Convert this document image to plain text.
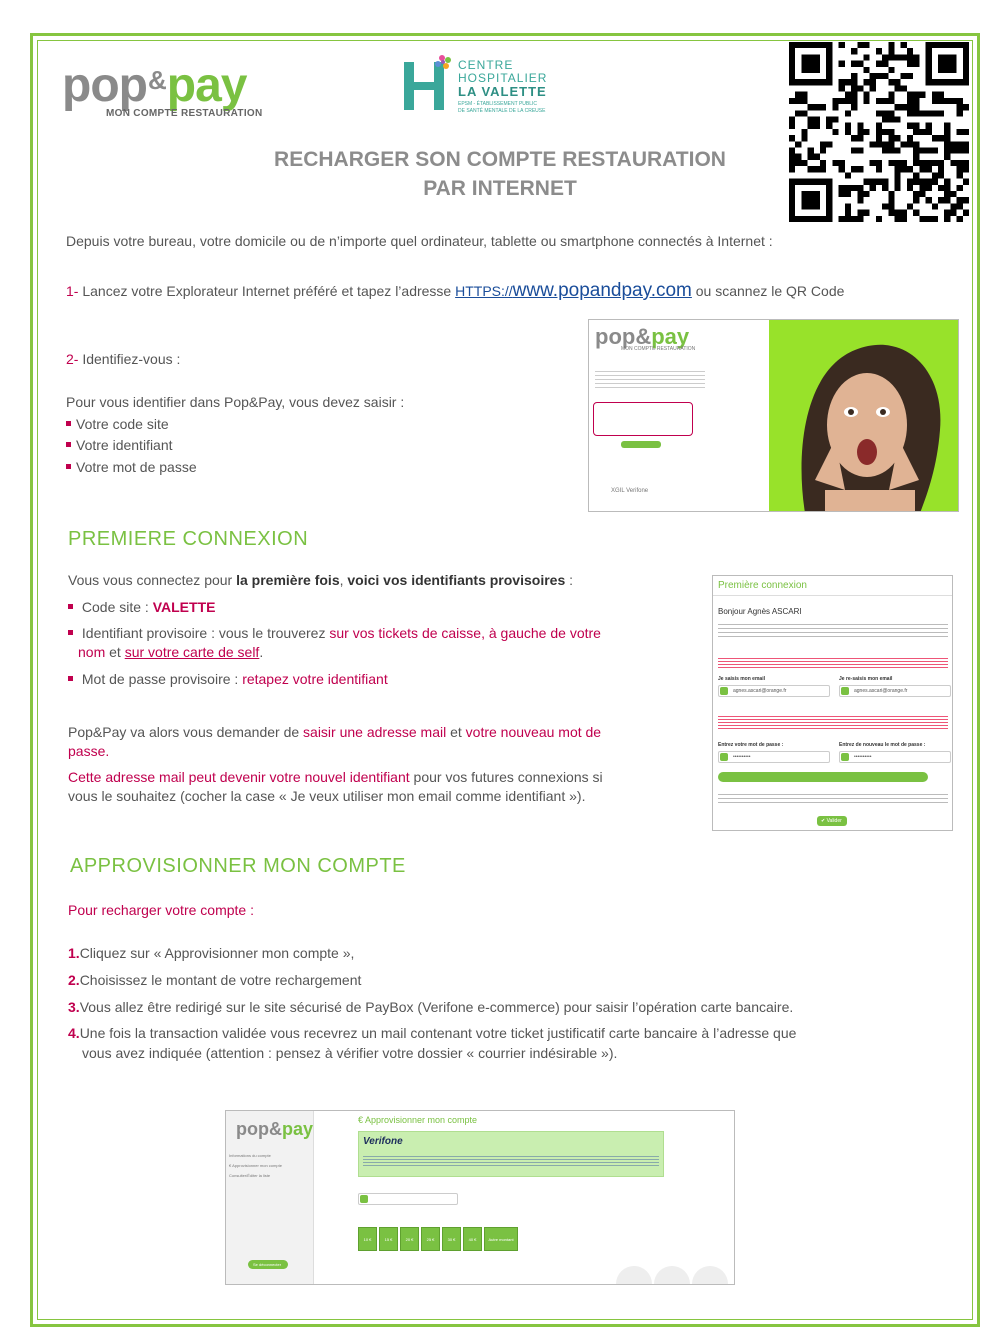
pop&pay
MON COMPTE RESTAURATION
CENTRE
HOSPITALIER
LA VALETTE
EPSM - ÉTABLISSEMENT PUBLIC
DE SANTÉ MENTALE DE LA CREUSE
RECHARGER SON COMPTE RESTAURATION
PAR INTERNET
Depuis votre bureau, votre domicile ou de n’importe quel ordinateur, tablette ou smartphone connectés à Internet :
1- Lancez votre Explorateur Internet préféré et tapez l’adresse HTTPS://www.popandpay.com ou scannez le QR Code
2- Identifiez-vous :
Pour vous identifier dans Pop&Pay, vous devez saisir :
Votre code site
Votre identifiant
Votre mot de passe
pop&pay
MON COMPTE RESTAURATION
XGIL Verifone
PREMIERE CONNEXION
Vous vous connectez pour la première fois, voici vos identifiants provisoires :
Code site : VALETTE
Identifiant provisoire : vous le trouverez sur vos tickets de caisse, à gauche de votre
nom et sur votre carte de self.
Mot de passe provisoire : retapez votre identifiant
Pop&Pay va alors vous demander de saisir une adresse mail et votre nouveau mot de
passe.
Cette adresse mail peut devenir votre nouvel identifiant pour vos futures connexions si
vous le souhaitez (cocher la case « Je veux utiliser mon email comme identifiant »).
Première connexion
Bonjour Agnès ASCARI
Je saisis mon email	Je re-saisis mon email
agnes.ascari@orange.fr	agnes.ascari@orange.fr
Entrez votre mot de passe :	Entrez de nouveau le mot de passe :
••••••••••	••••••••••
✔ Valider
APPROVISIONNER MON COMPTE
Pour recharger votre compte :
1.Cliquez sur « Approvisionner mon compte »,
2.Choisissez le montant de votre rechargement
3.Vous allez être redirigé sur le site sécurisé de PayBox (Verifone e-commerce) pour saisir l’opération carte bancaire.
4.Une fois la transaction validée vous recevrez un mail contenant votre ticket justificatif carte bancaire à l’adresse que
vous avez indiquée (attention : pensez à vérifier votre dossier « courrier indésirable »).
pop&pay
Informations du compte
€ Approvisionner mon compte
Consulter/Éditer la liste
Se déconnecter
€ Approvisionner mon compte
Verifone
10 €	15 €	20 €	25 €	30 €	40 €	Autre montant
